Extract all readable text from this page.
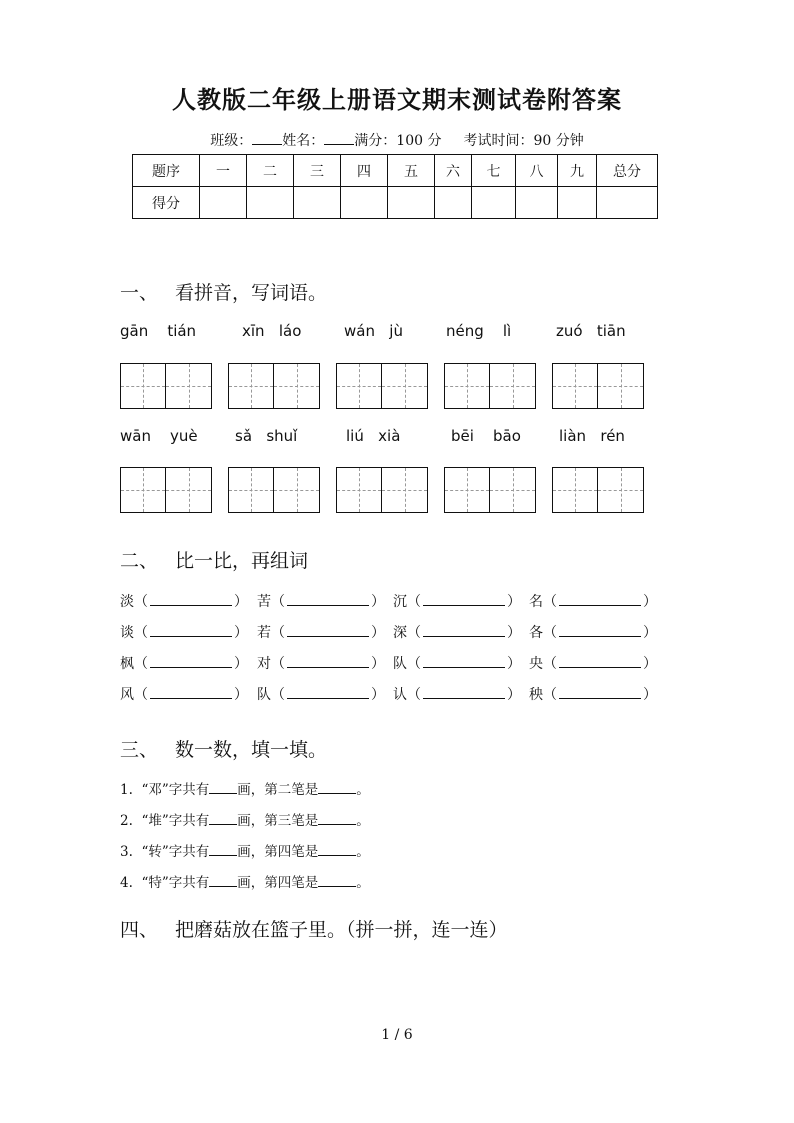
人教版二年级上册语文期末测试卷附答案
班级： 姓名： 满分：100 分 考试时间：90 分钟
题序	一	二	三	四	五	六	七	八	九	总分
得分										
一、 看拼音，写词语。
gān tián	xīn láo	wán jù	néng lì	zuó tiān
wān yuè sǎ shuǐ	liú xià	bēi bāo	liàn rén
二、 比一比，再组词
淡（	） 苦（	） 沉（	） 名（	）
谈（	） 若（	） 深（	） 各（	）
枫（	） 对（	） 队（	） 央（	）
风（	） 队（	） 认（	） 秧（	）
三、 数一数，填一填。
1. “邓”字共有 画，第二笔是	。
2. “堆”字共有 画，第三笔是	。
3. “转”字共有 画，第四笔是	。
4. “特”字共有 画，第四笔是	。
四、 把磨菇放在篮子里。（拼一拼，连一连）
1 / 6
